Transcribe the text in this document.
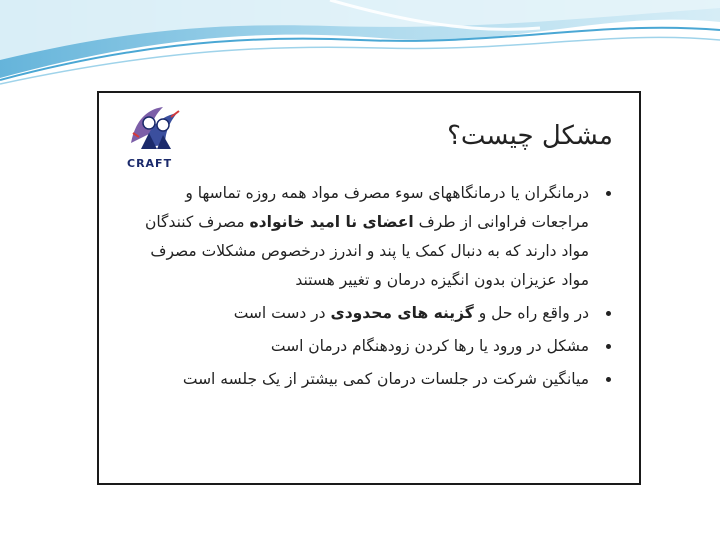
CRAFT
مشکل چیست؟
درمانگران یا درمانگاههای سوء مصرف مواد همه روزه تماسها و مراجعات فراوانی از طرف اعضای نا امید خانواده مصرف کنندگان مواد دارند که به دنبال کمک یا پند و اندرز درخصوص مشکلات مصرف مواد عزیزان بدون انگیزه درمان و تغییر هستند
در واقع راه حل و گزینه های محدودی در دست است
مشکل در ورود یا رها کردن زودهنگام درمان است
میانگین شرکت در جلسات درمان کمی بیشتر از یک جلسه است
